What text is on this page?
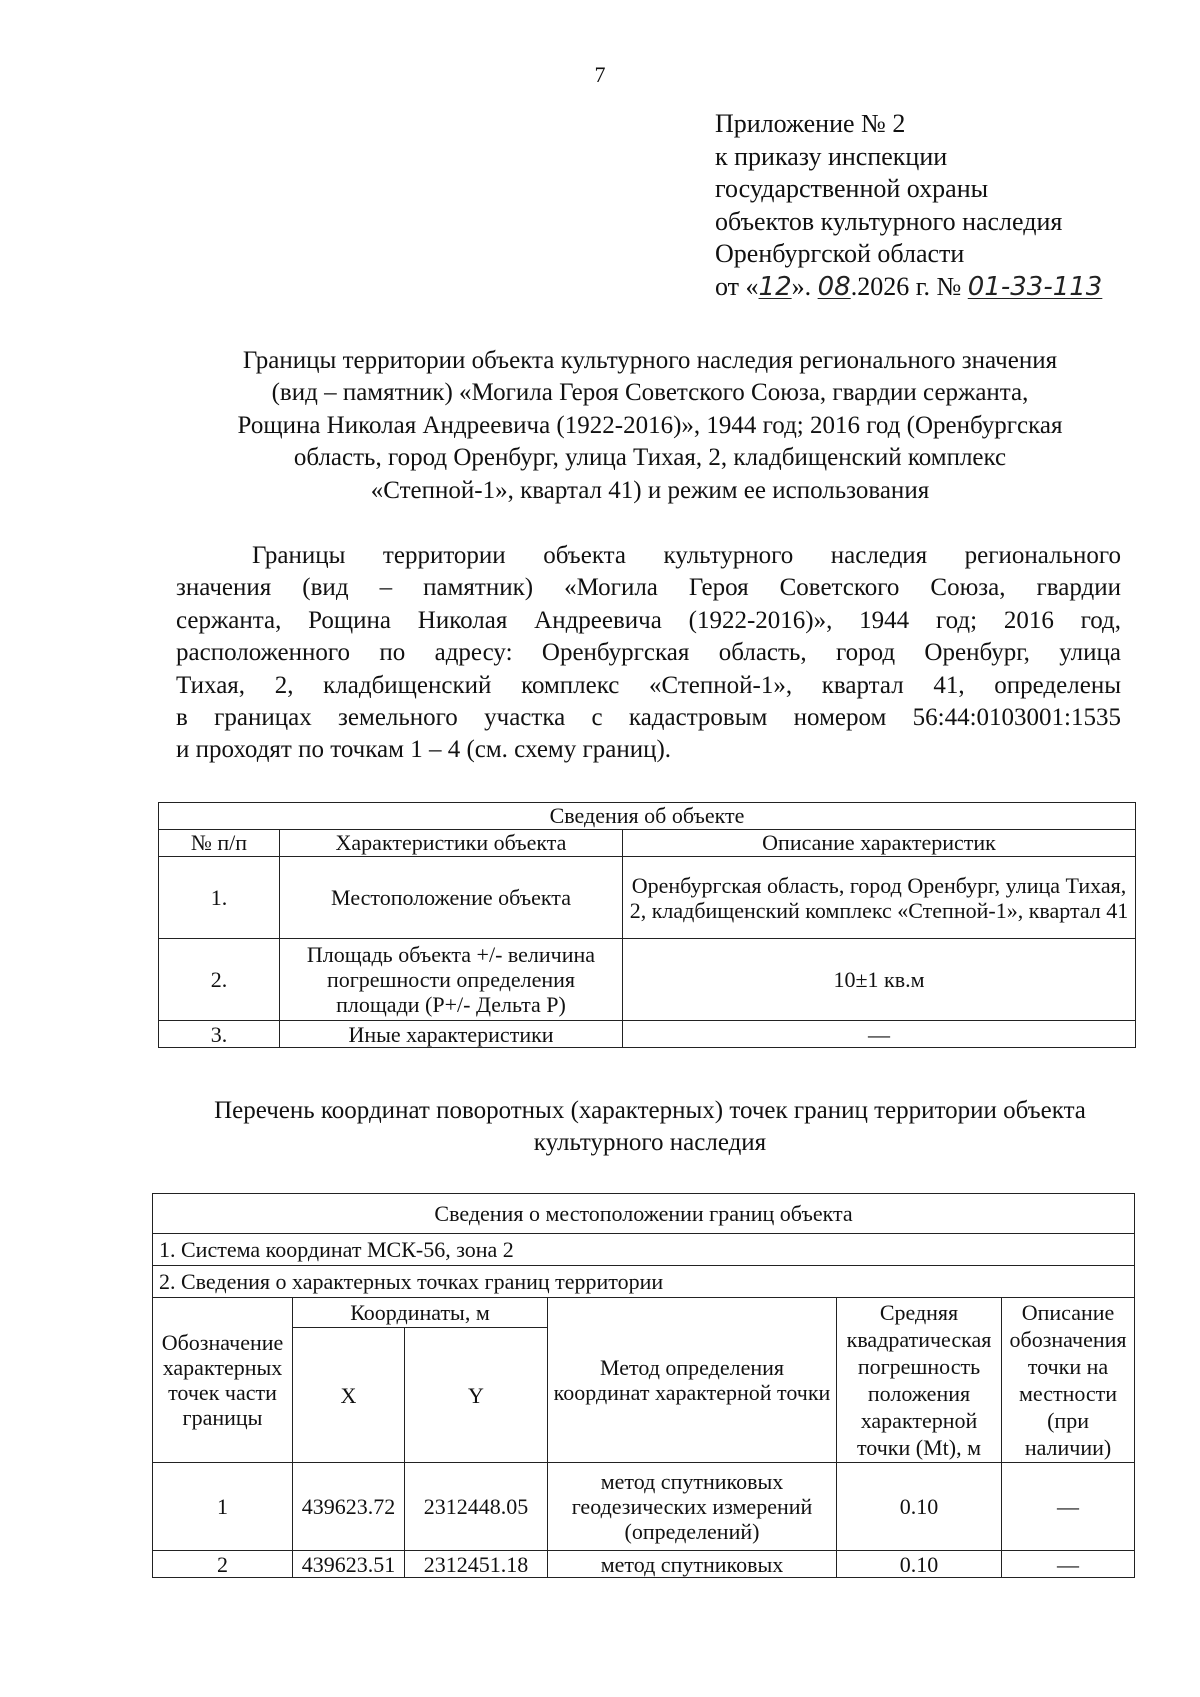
7
Приложение № 2
к приказу инспекции
государственной охраны
объектов культурного наследия
Оренбургской области
от «12». 08.2026 г. № 01-33-113
Границы территории объекта культурного наследия регионального значения
(вид – памятник) «Могила Героя Советского Союза, гвардии сержанта,
Рощина Николая Андреевича (1922-2016)», 1944 год; 2016 год (Оренбургская
область, город Оренбург, улица Тихая, 2, кладбищенский комплекс
«Степной-1», квартал 41) и режим ее использования
Границы территории объекта культурного наследия регионального
значения (вид – памятник) «Могила Героя Советского Союза, гвардии
сержанта, Рощина Николая Андреевича (1922-2016)», 1944 год; 2016 год,
расположенного по адресу: Оренбургская область, город Оренбург, улица
Тихая, 2, кладбищенский комплекс «Степной-1», квартал 41, определены
в границах земельного участка с кадастровым номером 56:44:0103001:1535
и проходят по точкам 1 – 4 (см. схему границ).
Сведения об объекте		
№ п/п	Характеристики объекта	Описание характеристик
1.	Местоположение объекта	Оренбургская область, город Оренбург, улица Тихая, 2, кладбищенский комплекс «Степной-1», квартал 41
2.	Площадь объекта +/- величина погрешности определения площади (Р+/- Дельта Р)	10±1 кв.м
3.	Иные характеристики	—
Перечень координат поворотных (характерных) точек границ территории объекта культурного наследия
Сведения о местоположении границ объекта					
1. Система координат МСК-56, зона 2					
2. Сведения о характерных точках границ территории					
Обозначение характерных точек части границы	Координаты, м		Метод определения координат характерной точки	Средняя квадратическая погрешность положения характерной точки (Mt), м	Описание обозначения точки на местности (при наличии)
	X	Y			
1	439623.72	2312448.05	метод спутниковых геодезических измерений (определений)	0.10	—
2	439623.51	2312451.18	метод спутниковых	0.10	—
